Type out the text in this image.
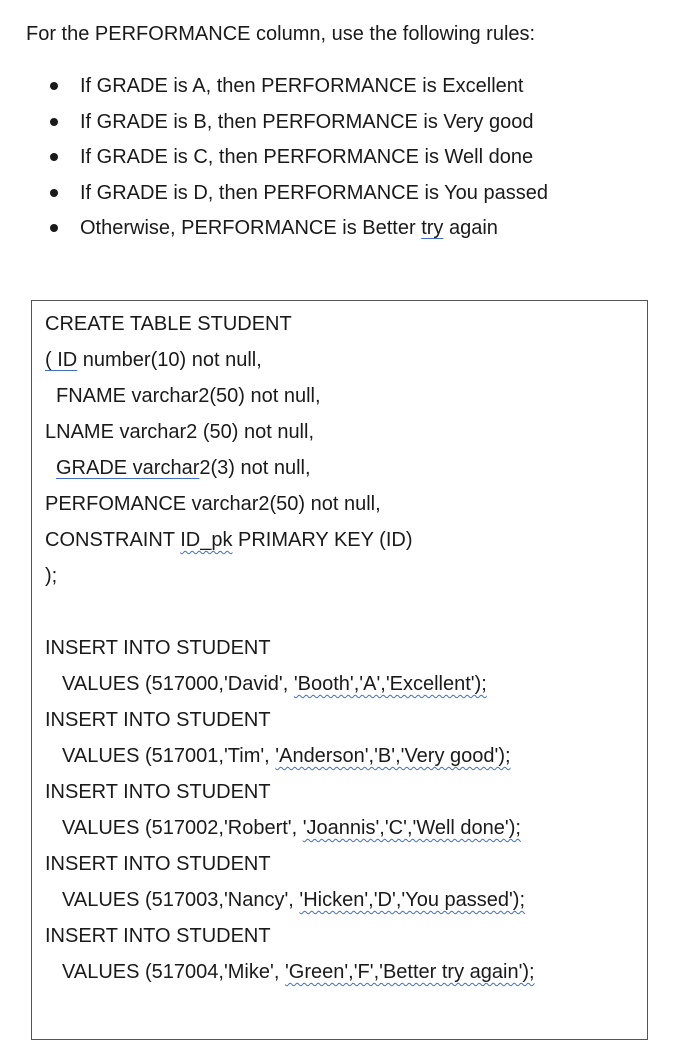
For the PERFORMANCE column, use the following rules:
If GRADE is A, then PERFORMANCE is Excellent
If GRADE is B, then PERFORMANCE is Very good
If GRADE is C, then PERFORMANCE is Well done
If GRADE is D, then PERFORMANCE is You passed
Otherwise, PERFORMANCE is Better try again
CREATE TABLE STUDENT
( ID number(10) not null,
FNAME varchar2(50) not null,
LNAME varchar2 (50) not null,
GRADE varchar2(3) not null,
PERFOMANCE varchar2(50) not null,
CONSTRAINT ID_pk PRIMARY KEY (ID)
);
INSERT INTO STUDENT
VALUES (517000,'David', 'Booth','A','Excellent');
INSERT INTO STUDENT
VALUES (517001,'Tim', 'Anderson','B','Very good');
INSERT INTO STUDENT
VALUES (517002,'Robert', 'Joannis','C','Well done');
INSERT INTO STUDENT
VALUES (517003,'Nancy', 'Hicken','D','You passed');
INSERT INTO STUDENT
VALUES (517004,'Mike', 'Green','F','Better try again');
